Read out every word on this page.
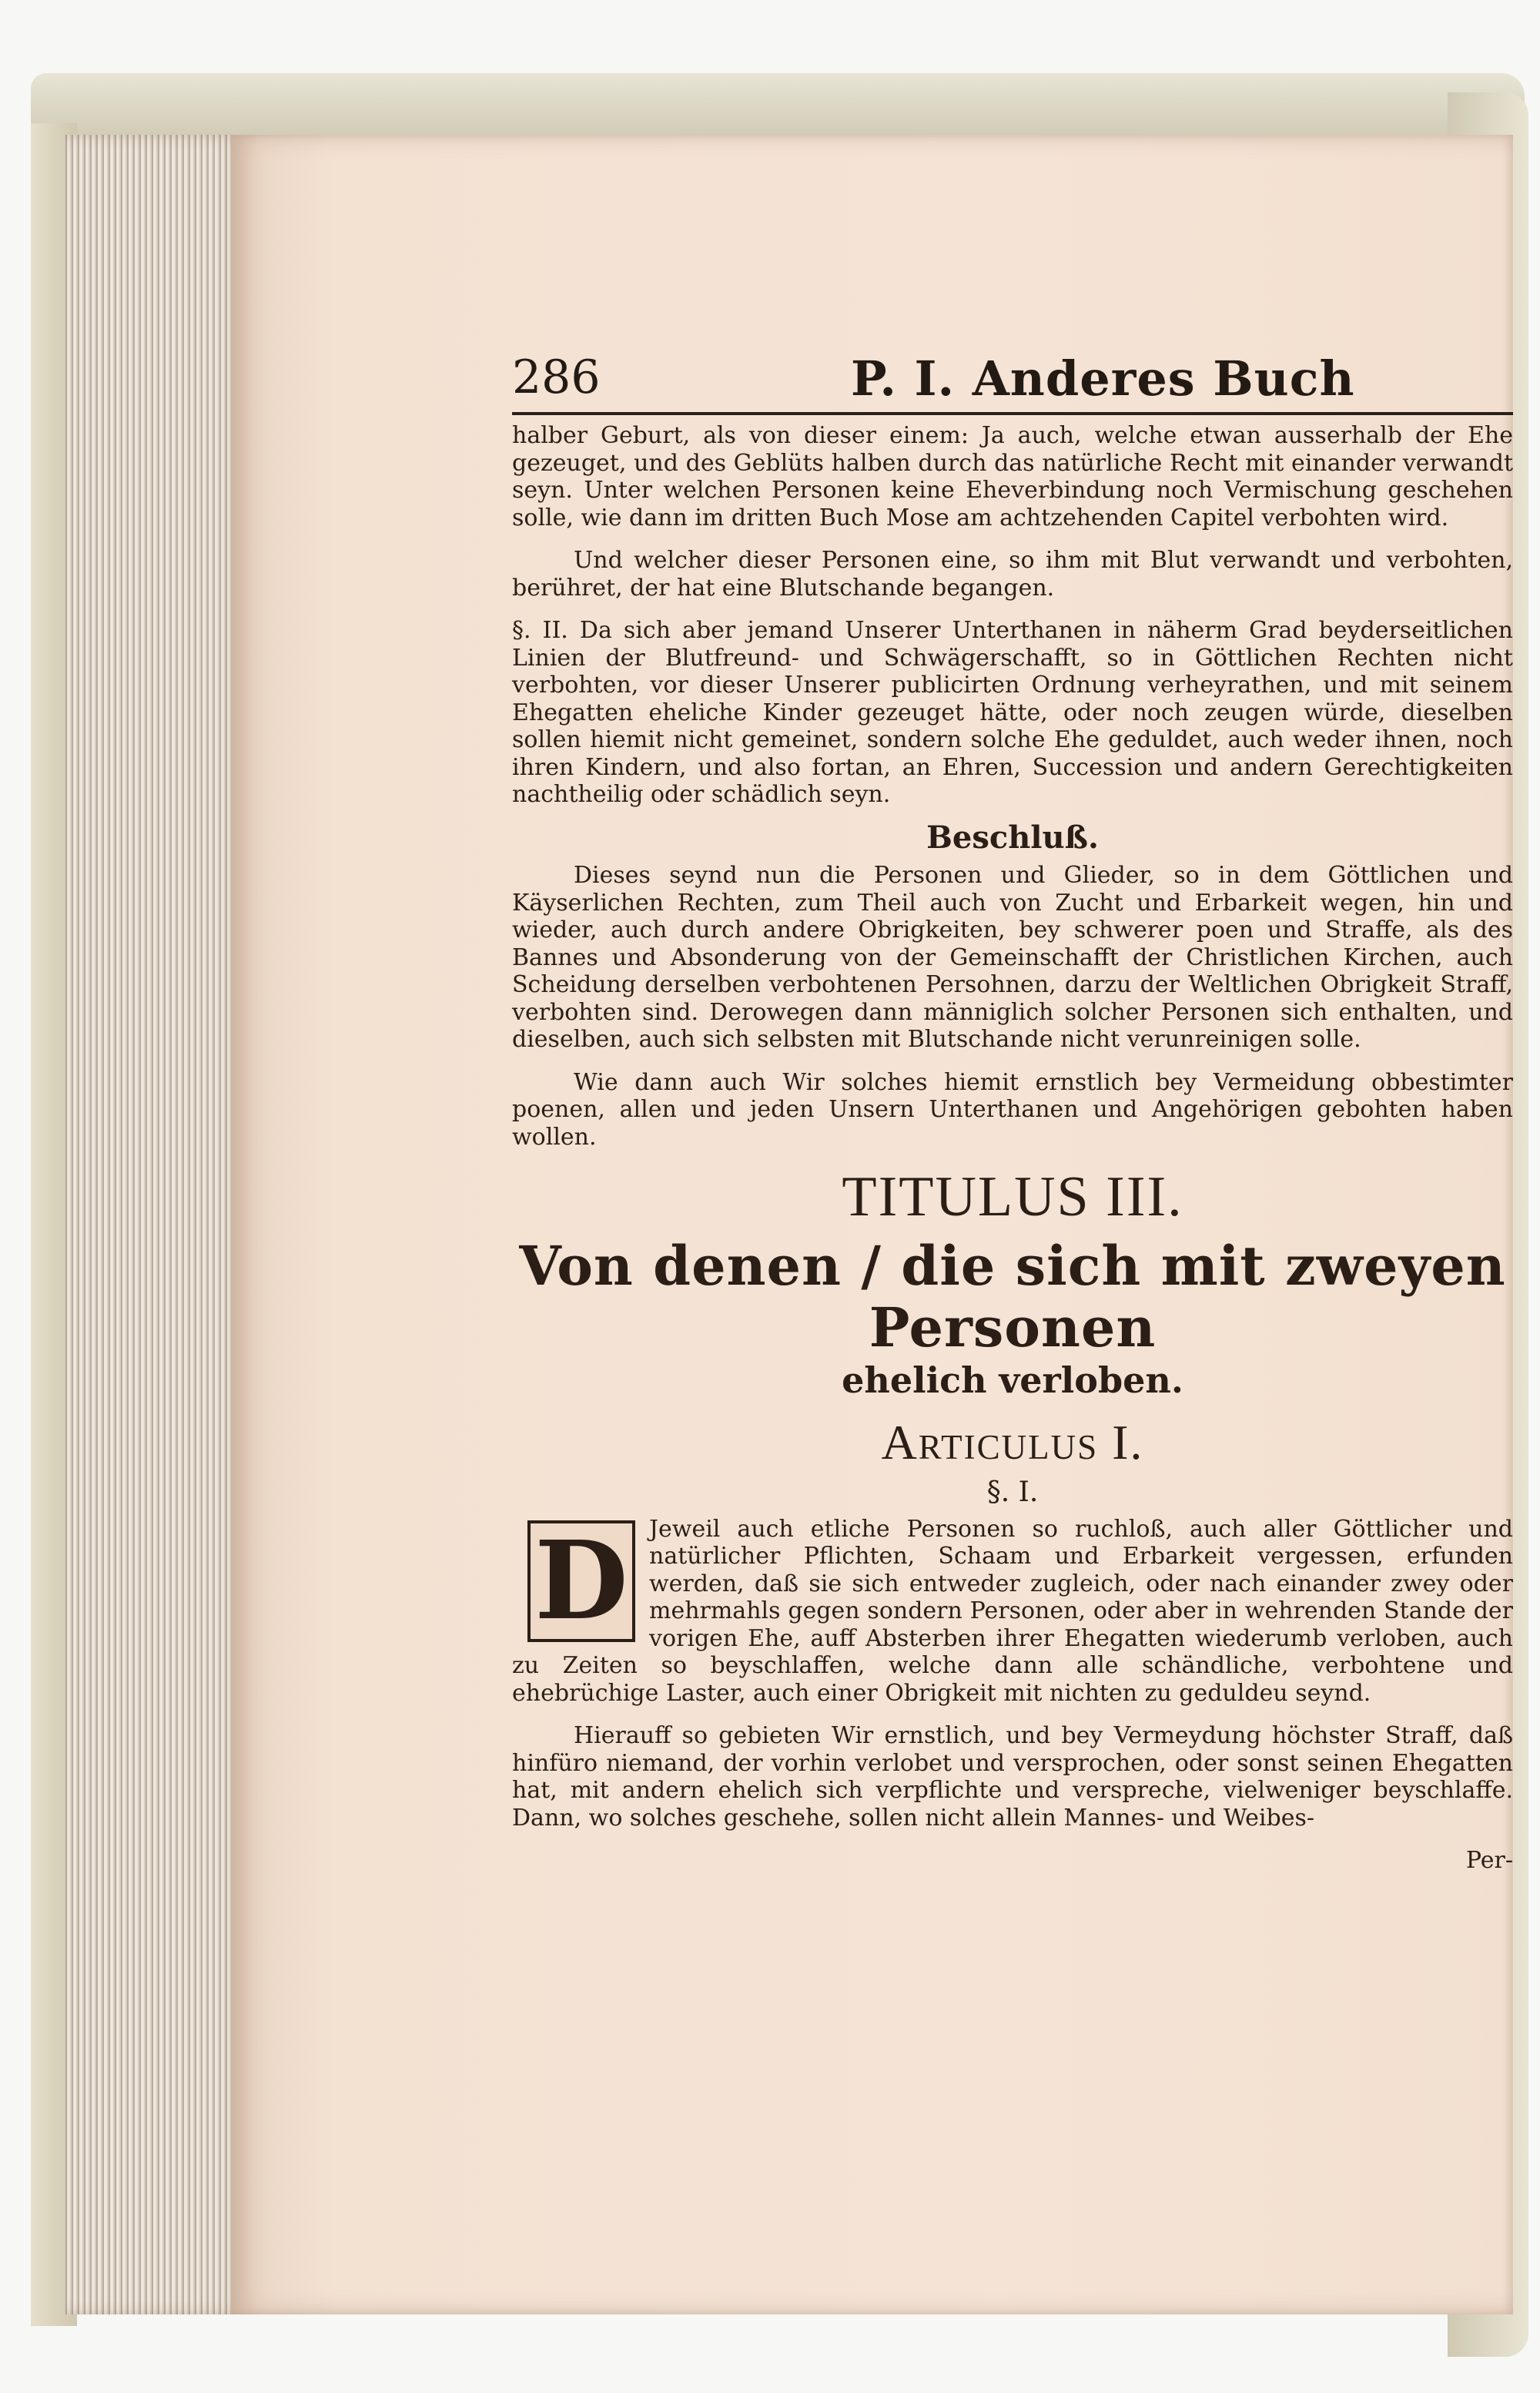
286	P. I. Anderes Buch

halber Geburt, als von dieser einem: Ja auch, welche etwan ausserhalb der Ehe gezeuget, und des Geblüts halben durch das natürliche Recht mit einander verwandt seyn. Unter welchen Personen keine Eheverbindung noch Vermischung geschehen solle, wie dann im dritten Buch Mose am achtzehenden Capitel verbohten wird.

Und welcher dieser Personen eine, so ihm mit Blut verwandt und verbohten, berühret, der hat eine Blutschande begangen.

§. II. Da sich aber jemand Unserer Unterthanen in näherm Grad beyderseitlichen Linien der Blutfreund- und Schwägerschafft, so in Göttlichen Rechten nicht verbohten, vor dieser Unserer publicirten Ordnung verheyrathen, und mit seinem Ehegatten eheliche Kinder gezeuget hätte, oder noch zeugen würde, dieselben sollen hiemit nicht gemeinet, sondern solche Ehe geduldet, auch weder ihnen, noch ihren Kindern, und also fortan, an Ehren, Succession und andern Gerechtigkeiten nachtheilig oder schädlich seyn.

Beschluß.

Dieses seynd nun die Personen und Glieder, so in dem Göttlichen und Käyserlichen Rechten, zum Theil auch von Zucht und Erbarkeit wegen, hin und wieder, auch durch andere Obrigkeiten, bey schwerer poen und Straffe, als des Bannes und Absonderung von der Gemeinschafft der Christlichen Kirchen, auch Scheidung derselben verbohtenen Persohnen, darzu der Weltlichen Obrigkeit Straff, verbohten sind. Derowegen dann männiglich solcher Personen sich enthalten, und dieselben, auch sich selbsten mit Blutschande nicht verunreinigen solle.

Wie dann auch Wir solches hiemit ernstlich bey Vermeidung obbestimter poenen, allen und jeden Unsern Unterthanen und Angehörigen gebohten haben wollen.

TITULUS III.
Von denen / die sich mit zweyen Personen
ehelich verloben.
Articulus I.
§. I.
D Jeweil auch etliche Personen so ruchloß, auch aller Göttlicher und natürlicher Pflichten, Schaam und Erbarkeit vergessen, erfunden werden, daß sie sich entweder zugleich, oder nach einander zwey oder mehrmahls gegen sondern Personen, oder aber in wehrenden Stande der vorigen Ehe, auff Absterben ihrer Ehegatten wiederumb verloben, auch zu Zeiten so beyschlaffen, welche dann alle schändliche, verbohtene und ehebrüchige Laster, auch einer Obrigkeit mit nichten zu geduldeu seynd.

Hierauff so gebieten Wir ernstlich, und bey Vermeydung höchster Straff, daß hinfüro niemand, der vorhin verlobet und versprochen, oder sonst seinen Ehegatten hat, mit andern ehelich sich verpflichte und verspreche, vielweniger beyschlaffe. Dann, wo solches geschehe, sollen nicht allein Mannes- und Weibes-

Per-
